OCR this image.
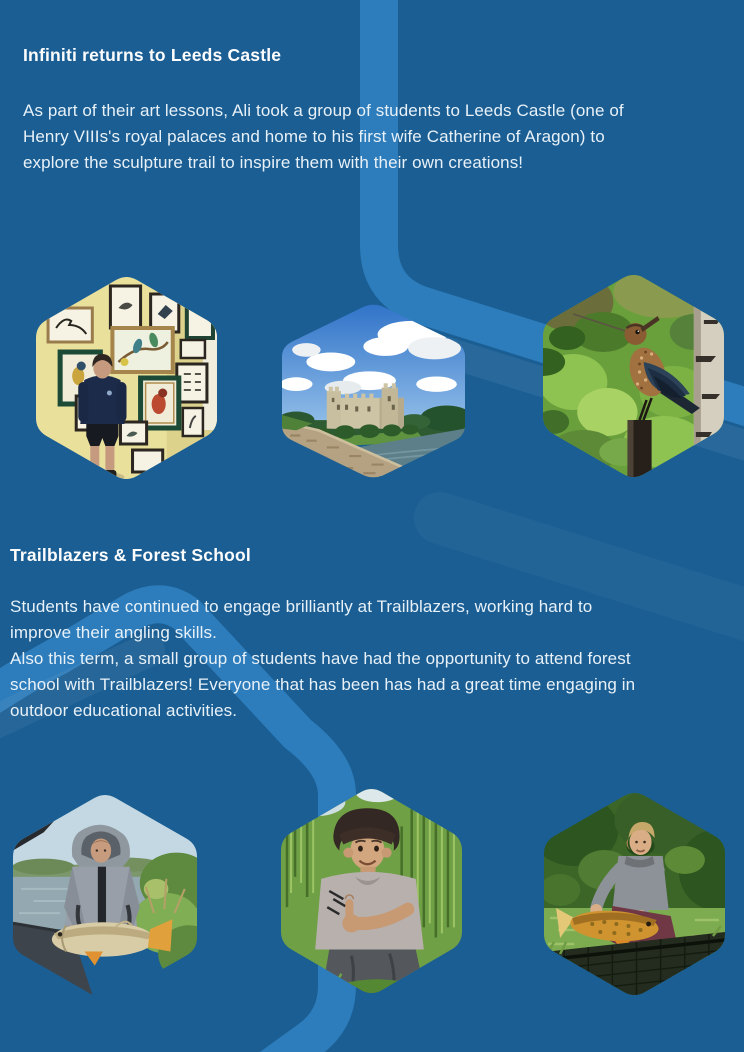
Infiniti returns to Leeds Castle
As part of their art lessons, Ali took a group of students to Leeds Castle (one of
Henry VIIIs's royal palaces and home to his first wife Catherine of Aragon) to
explore the sculpture trail to inspire them with their own creations!
Trailblazers & Forest School
Students have continued to engage brilliantly at Trailblazers, working hard to
improve their angling skills.
Also this term, a small group of students have had the opportunity to attend forest
school with Trailblazers! Everyone that has been has had a great time engaging in
outdoor educational activities.
